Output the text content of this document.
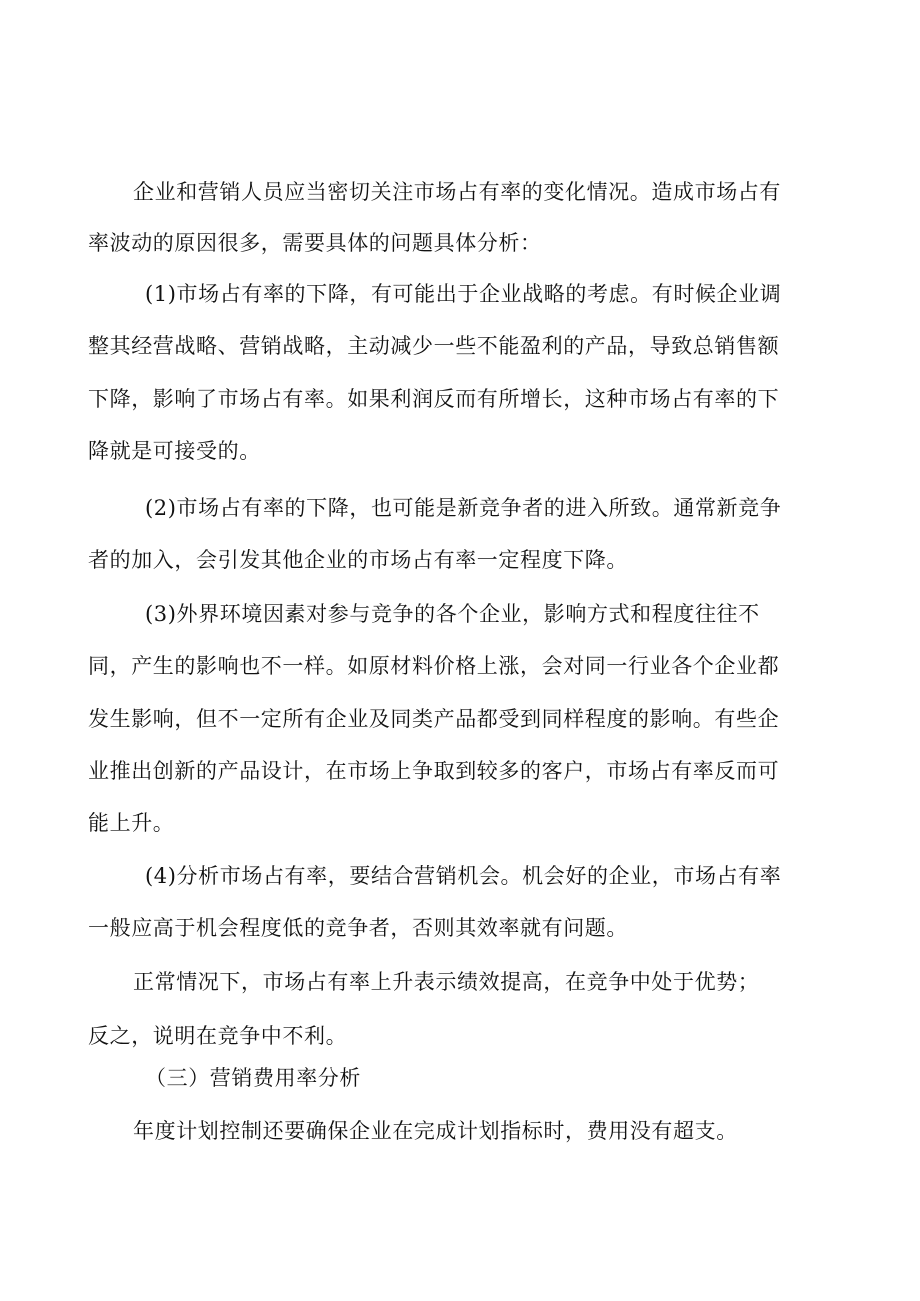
企业和营销人员应当密切关注市场占有率的变化情况。造成市场占有
率波动的原因很多，需要具体的问题具体分析：
(1)市场占有率的下降，有可能出于企业战略的考虑。有时候企业调
整其经营战略、营销战略，主动减少一些不能盈利的产品，导致总销售额
下降，影响了市场占有率。如果利润反而有所增长，这种市场占有率的下
降就是可接受的。
(2)市场占有率的下降，也可能是新竞争者的进入所致。通常新竞争
者的加入，会引发其他企业的市场占有率一定程度下降。
(3)外界环境因素对参与竞争的各个企业，影响方式和程度往往不
同，产生的影响也不一样。如原材料价格上涨，会对同一行业各个企业都
发生影响，但不一定所有企业及同类产品都受到同样程度的影响。有些企
业推出创新的产品设计，在市场上争取到较多的客户，市场占有率反而可
能上升。
(4)分析市场占有率，要结合营销机会。机会好的企业，市场占有率
一般应高于机会程度低的竞争者，否则其效率就有问题。
正常情况下，市场占有率上升表示绩效提高，在竞争中处于优势；
反之，说明在竞争中不利。
（三）营销费用率分析
年度计划控制还要确保企业在完成计划指标时，费用没有超支。
